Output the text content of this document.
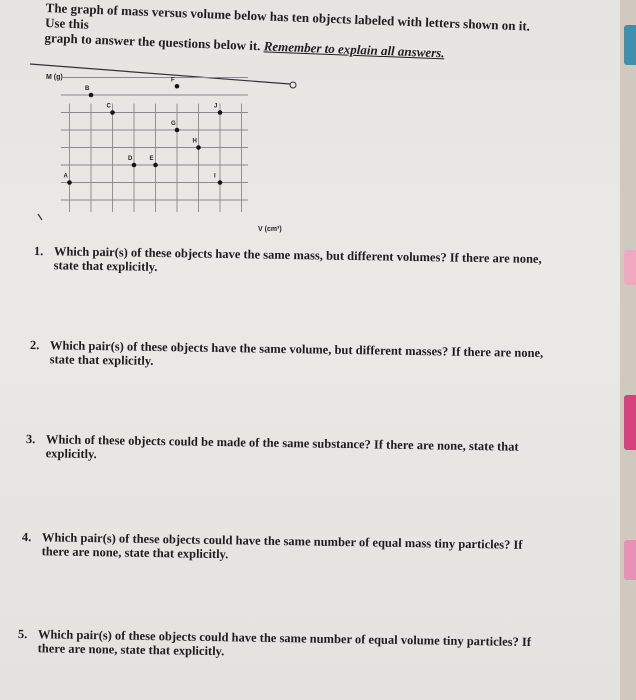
The graph of mass versus volume below has ten objects labeled with letters shown on it. Use this
graph to answer the questions below it. Remember to explain all answers.
M (g)
A
B
C
D	E
F
G
H
I
J
V (cm³)
1. Which pair(s) of these objects have the same mass, but different volumes? If there are none, state that explicitly.
2. Which pair(s) of these objects have the same volume, but different masses? If there are none, state that explicitly.
3. Which of these objects could be made of the same substance? If there are none, state that explicitly.
4. Which pair(s) of these objects could have the same number of equal mass tiny particles? If there are none, state that explicitly.
5. Which pair(s) of these objects could have the same number of equal volume tiny particles? If there are none, state that explicitly.
